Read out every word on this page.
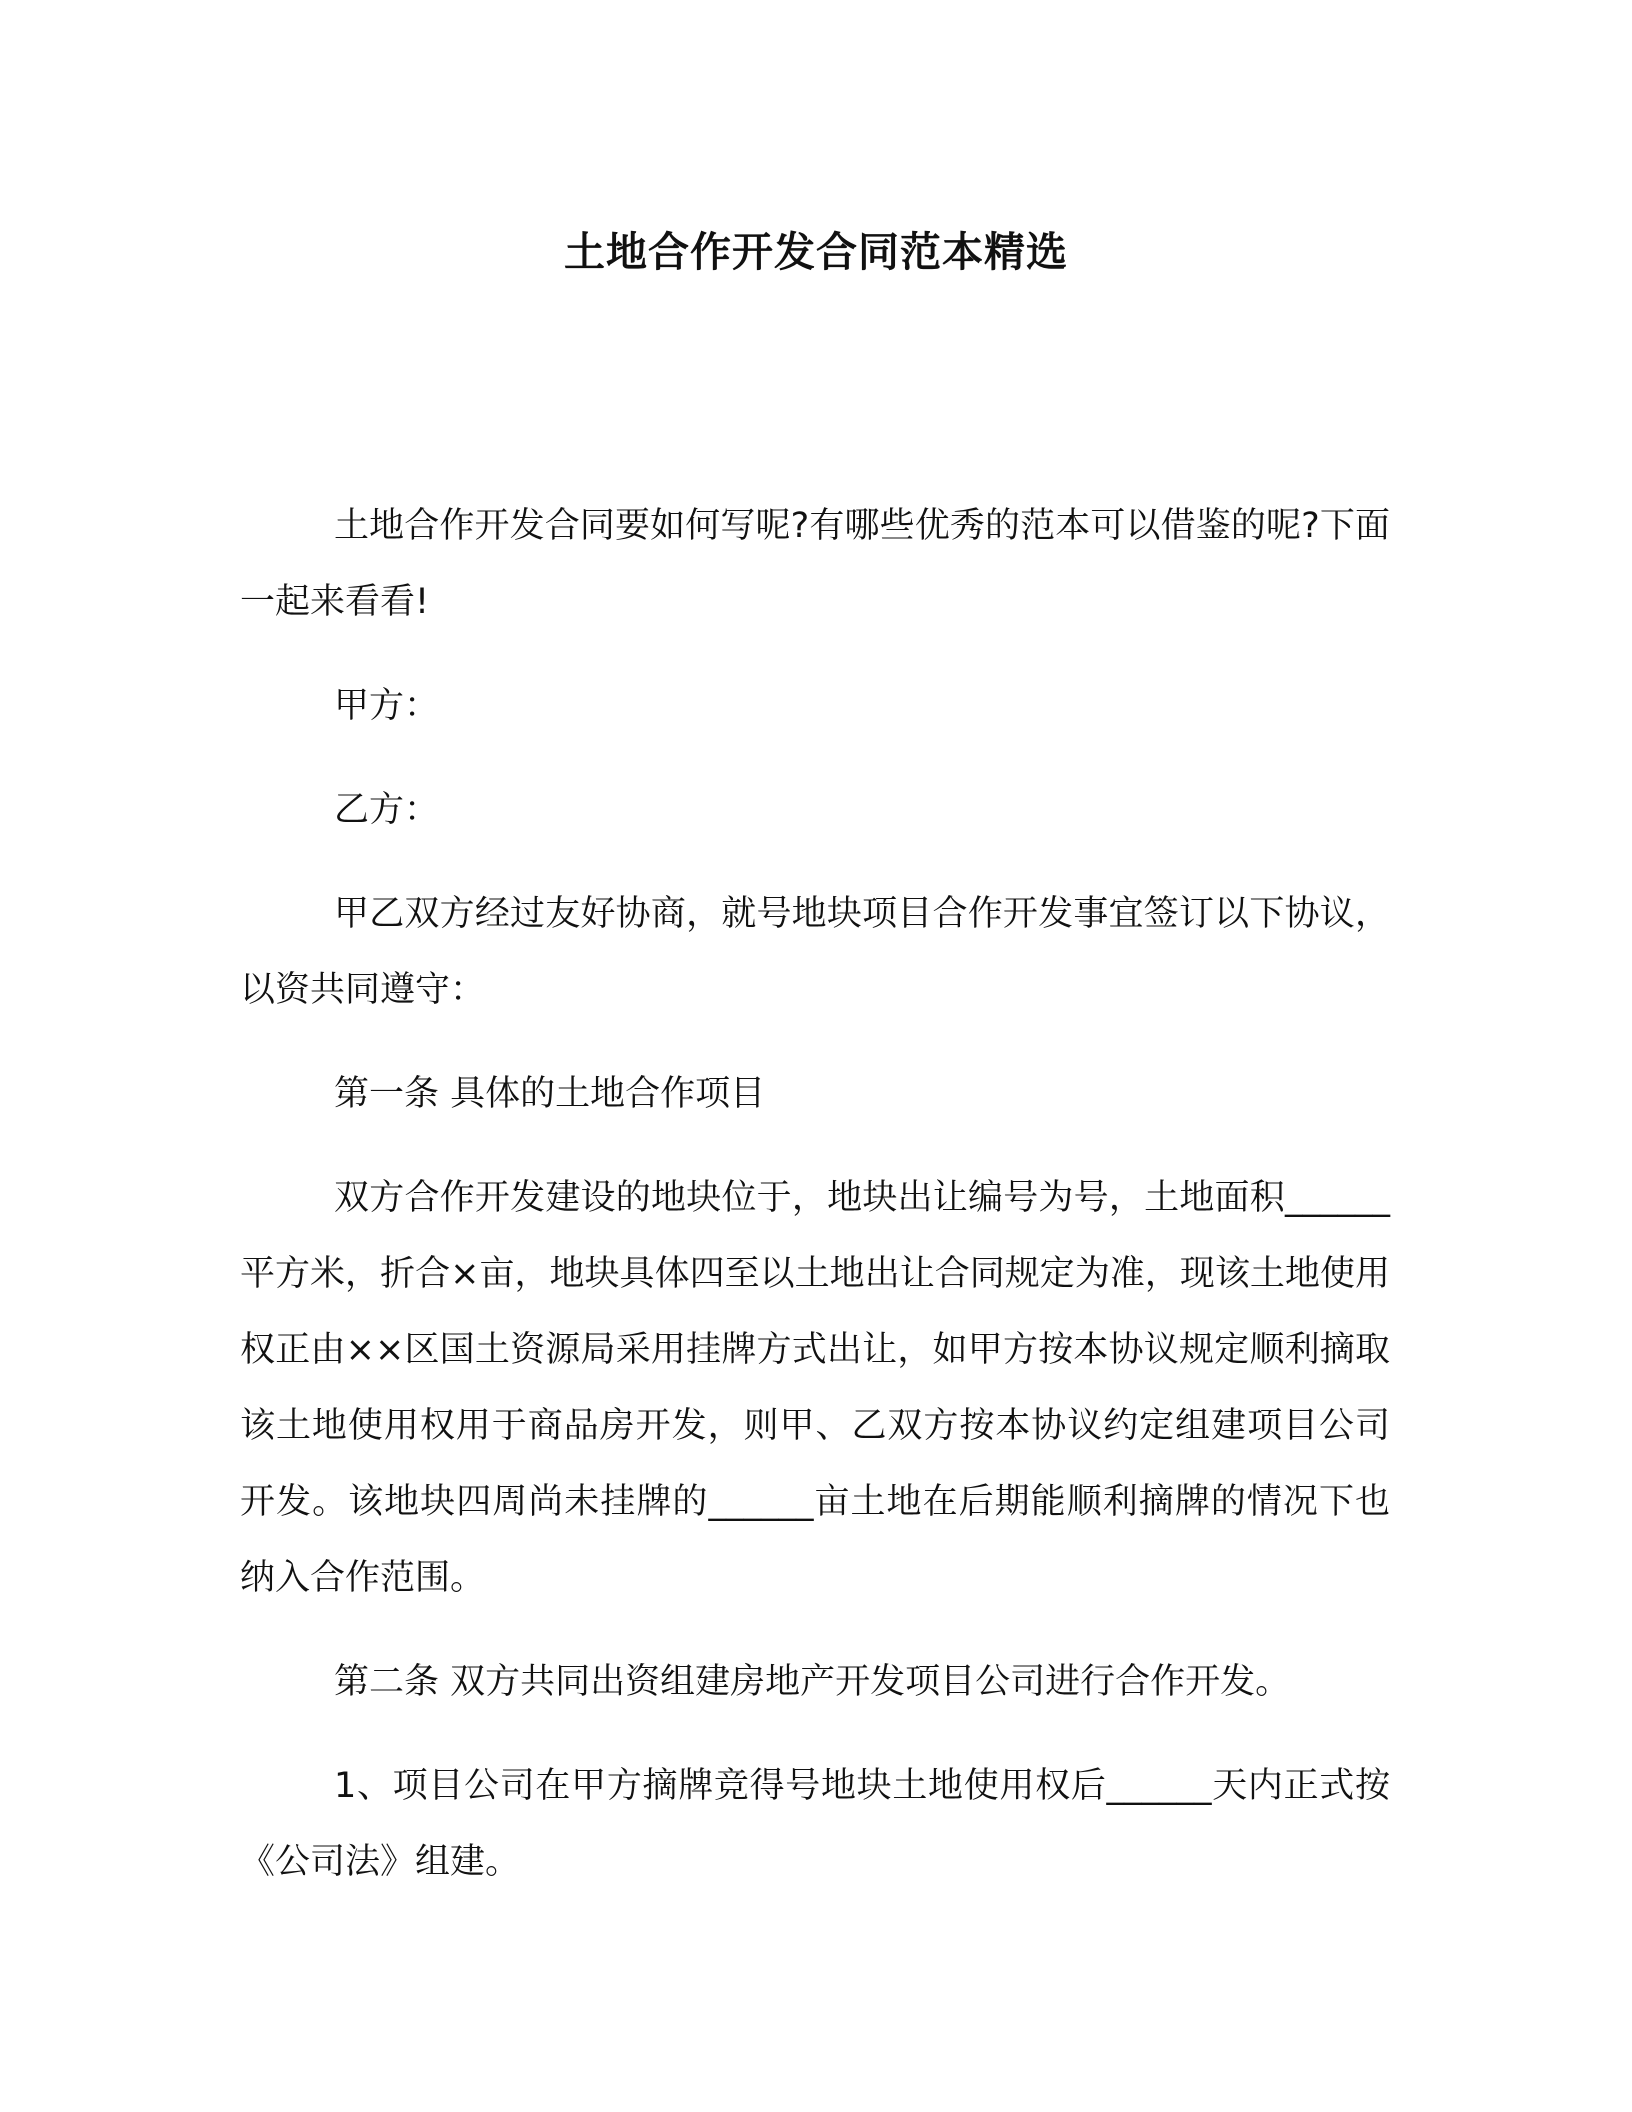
土地合作开发合同范本精选

土地合作开发合同要如何写呢?有哪些优秀的范本可以借鉴的呢?下面一起来看看!

甲方：

乙方：

甲乙双方经过友好协商，就号地块项目合作开发事宜签订以下协议，以资共同遵守：

第一条 具体的土地合作项目

双方合作开发建设的地块位于，地块出让编号为号，土地面积______平方米，折合×亩，地块具体四至以土地出让合同规定为准，现该土地使用权正由××区国土资源局采用挂牌方式出让，如甲方按本协议规定顺利摘取该土地使用权用于商品房开发，则甲、乙双方按本协议约定组建项目公司开发。该地块四周尚未挂牌的______亩土地在后期能顺利摘牌的情况下也纳入合作范围。

第二条 双方共同出资组建房地产开发项目公司进行合作开发。

1、项目公司在甲方摘牌竞得号地块土地使用权后______天内正式按《公司法》组建。
